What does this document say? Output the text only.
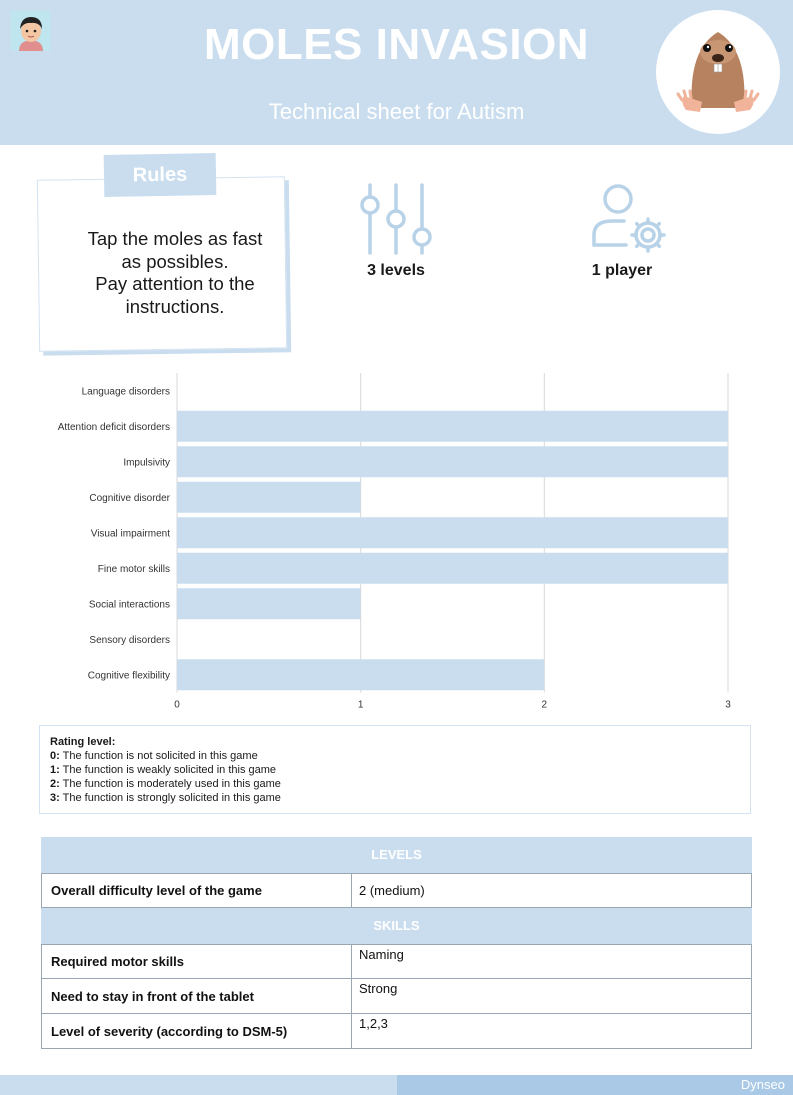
MOLES INVASION
Technical sheet for Autism
Rules
Tap the moles as fast
as possibles.
Pay attention to the
instructions.
3 levels	1 player
Language disorders
Attention deficit disorders
Impulsivity
Cognitive disorder
Visual impairment
Fine motor skills
Social interactions
Sensory disorders
Cognitive flexibility
0	1	2	3
Rating level:
0: The function is not solicited in this game
1: The function is weakly solicited in this game
2: The function is moderately used in this game
3: The function is strongly solicited in this game
LEVELS
Overall difficulty level of the game	2 (medium)
SKILLS
Required motor skills	Naming
Need to stay in front of the tablet	Strong
Level of severity (according to DSM-5)	1,2,3
Dynseo
